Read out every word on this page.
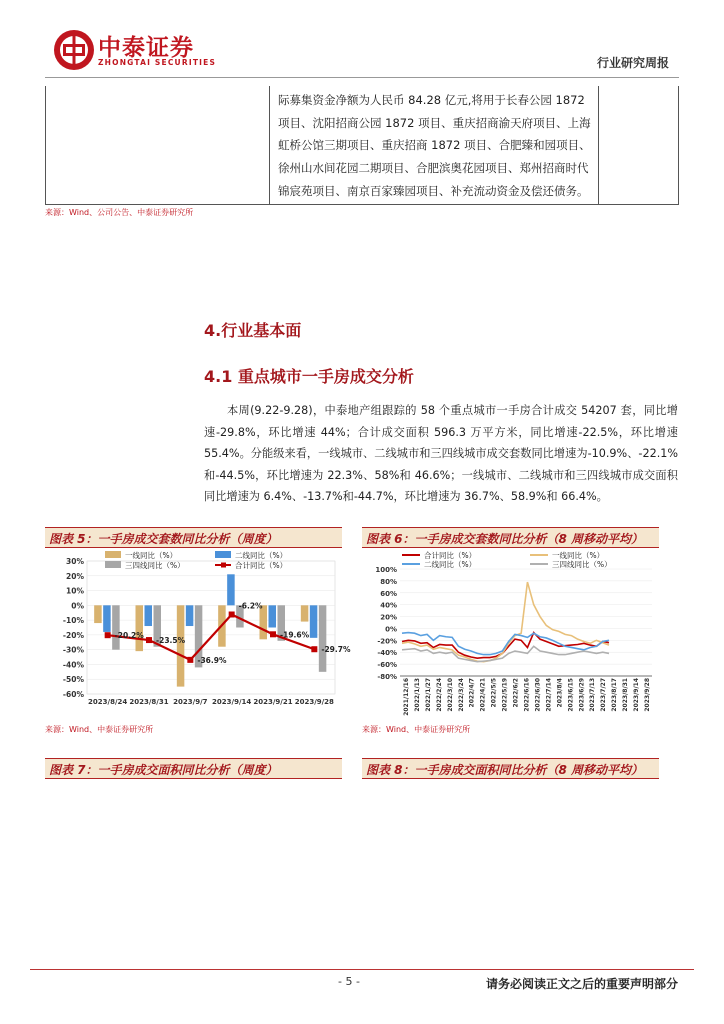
中泰证券
ZHONGTAI SECURITIES	行业研究周报

际募集资金净额为人民币 84.28 亿元,将用于长春公园 1872 项目、沈阳招商公园 1872 项目、重庆招商渝天府项目、上海虹桥公馆三期项目、重庆招商 1872 项目、合肥臻和园项目、徐州山水间花园二期项目、合肥滨奥花园项目、郑州招商时代锦宸苑项目、南京百家臻园项目、补充流动资金及偿还债务。

来源：Wind、公司公告、中泰证券研究所
4.行业基本面
4.1 重点城市一手房成交分析

本周(9.22-9.28)，中泰地产组跟踪的 58 个重点城市一手房合计成交 54207 套，同比增速-29.8%，环比增速 44%；合计成交面积 596.3 万平方米，同比增速-22.5%，环比增速 55.4%。分能级来看，一线城市、二线城市和三四线城市成交套数同比增速为-10.9%、-22.1%和-44.5%，环比增速为 22.3%、58%和 46.6%；一线城市、二线城市和三四线城市成交面积同比增速为 6.4%、-13.7%和-44.7%，环比增速为 36.7%、58.9%和 66.4%。

图表 5：一手房成交套数同比分析（周度）	图表 6：一手房成交套数同比分析（8 周移动平均）
图表 7：一手房成交面积同比分析（周度）	图表 8：一手房成交面积同比分析（8 周移动平均）
30%
20%
10%
0%
-10%
-20%
-30%
-40%
-50%
-60%
2023/8/24 2023/8/31 2023/9/7 2023/9/14 2023/9/21 2023/9/28
-20.2%
-23.5%
-36.9%
-6.2%
-19.6%
-29.7%
一线同比（%）	二线同比（%）
三四线同比（%）	合计同比（%）
来源：Wind、中泰证券研究所
100%
80%
60%
40%
20%
0%
-20%
-40%
-60%
-80%
2021/12/16 2022/1/13 2022/1/27 2022/2/24 2022/3/10 2022/3/24 2022/4/7 2022/4/21 2022/5/5 2022/5/19 2022/6/2 2022/6/16 2022/6/30 2022/7/14 2023/8/4 2023/6/15 2023/6/29 2023/7/13 2023/7/27 2023/8/17 2023/8/31 2023/9/14 2023/9/28
合计同比（%）	一线同比（%）
二线同比（%）	三四线同比（%）
来源：Wind、中泰证券研究所
- 5 -	请务必阅读正文之后的重要声明部分
